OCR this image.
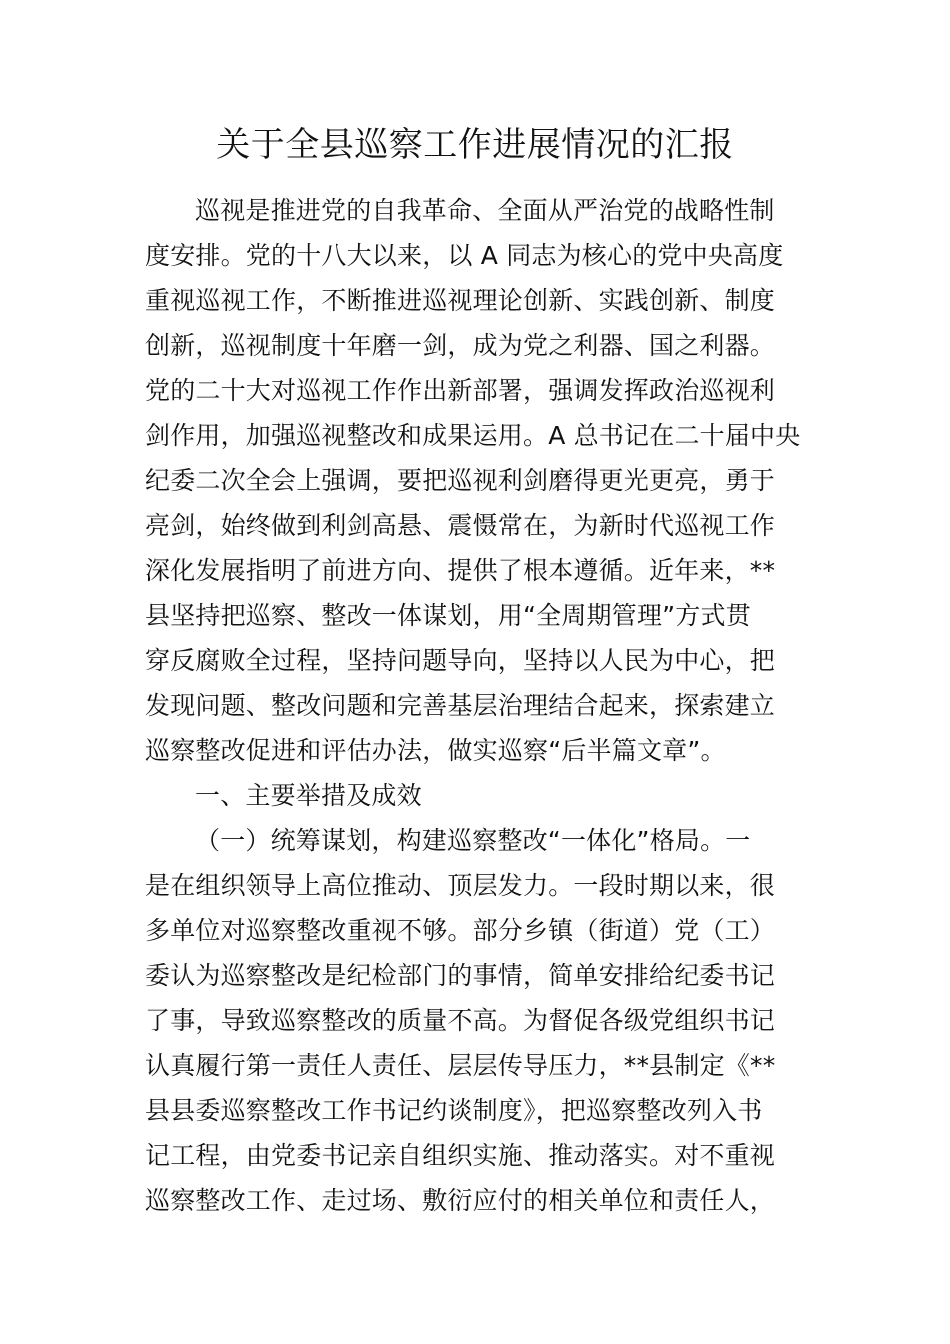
关于全县巡察工作进展情况的汇报
巡视是推进党的自我革命、全面从严治党的战略性制
度安排。党的十八大以来，以 A 同志为核心的党中央高度
重视巡视工作，不断推进巡视理论创新、实践创新、制度
创新，巡视制度十年磨一剑，成为党之利器、国之利器。
党的二十大对巡视工作作出新部署，强调发挥政治巡视利
剑作用，加强巡视整改和成果运用。A 总书记在二十届中央
纪委二次全会上强调，要把巡视利剑磨得更光更亮，勇于
亮剑，始终做到利剑高悬、震慑常在，为新时代巡视工作
深化发展指明了前进方向、提供了根本遵循。近年来，**
县坚持把巡察、整改一体谋划，用“全周期管理”方式贯
穿反腐败全过程，坚持问题导向，坚持以人民为中心，把
发现问题、整改问题和完善基层治理结合起来，探索建立
巡察整改促进和评估办法，做实巡察“后半篇文章”。
一、主要举措及成效
（一）统筹谋划，构建巡察整改“一体化”格局。一
是在组织领导上高位推动、顶层发力。一段时期以来，很
多单位对巡察整改重视不够。部分乡镇（街道）党（工）
委认为巡察整改是纪检部门的事情，简单安排给纪委书记
了事，导致巡察整改的质量不高。为督促各级党组织书记
认真履行第一责任人责任、层层传导压力，**县制定《**
县县委巡察整改工作书记约谈制度》，把巡察整改列入书
记工程，由党委书记亲自组织实施、推动落实。对不重视
巡察整改工作、走过场、敷衍应付的相关单位和责任人，
